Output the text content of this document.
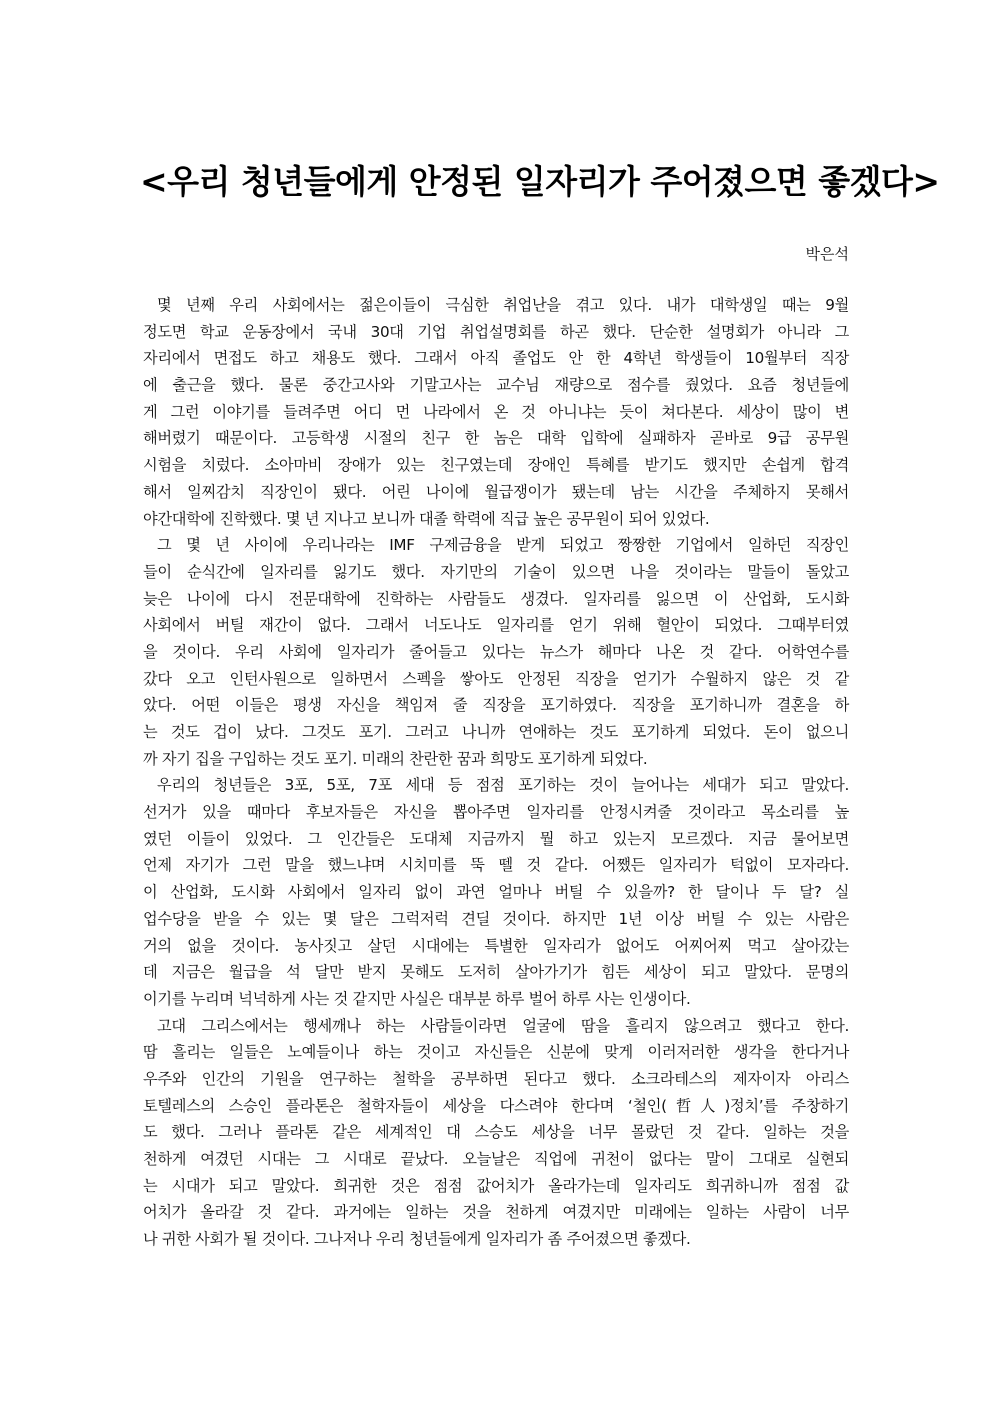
<우리 청년들에게 안정된 일자리가 주어졌으면 좋겠다>
박은석
몇 년째 우리 사회에서는 젊은이들이 극심한 취업난을 겪고 있다. 내가 대학생일 때는 9월
정도면 학교 운동장에서 국내 30대 기업 취업설명회를 하곤 했다. 단순한 설명회가 아니라 그
자리에서 면접도 하고 채용도 했다. 그래서 아직 졸업도 안 한 4학년 학생들이 10월부터 직장
에 출근을 했다. 물론 중간고사와 기말고사는 교수님 재량으로 점수를 줬었다. 요즘 청년들에
게 그런 이야기를 들려주면 어디 먼 나라에서 온 것 아니냐는 듯이 쳐다본다. 세상이 많이 변
해버렸기 때문이다. 고등학생 시절의 친구 한 놈은 대학 입학에 실패하자 곧바로 9급 공무원
시험을 치렀다. 소아마비 장애가 있는 친구였는데 장애인 특혜를 받기도 했지만 손쉽게 합격
해서 일찌감치 직장인이 됐다. 어린 나이에 월급쟁이가 됐는데 남는 시간을 주체하지 못해서
야간대학에 진학했다. 몇 년 지나고 보니까 대졸 학력에 직급 높은 공무원이 되어 있었다.
그 몇 년 사이에 우리나라는 IMF 구제금융을 받게 되었고 짱짱한 기업에서 일하던 직장인
들이 순식간에 일자리를 잃기도 했다. 자기만의 기술이 있으면 나을 것이라는 말들이 돌았고
늦은 나이에 다시 전문대학에 진학하는 사람들도 생겼다. 일자리를 잃으면 이 산업화, 도시화
사회에서 버틸 재간이 없다. 그래서 너도나도 일자리를 얻기 위해 혈안이 되었다. 그때부터였
을 것이다. 우리 사회에 일자리가 줄어들고 있다는 뉴스가 해마다 나온 것 같다. 어학연수를
갔다 오고 인턴사원으로 일하면서 스펙을 쌓아도 안정된 직장을 얻기가 수월하지 않은 것 같
았다. 어떤 이들은 평생 자신을 책임져 줄 직장을 포기하였다. 직장을 포기하니까 결혼을 하
는 것도 겁이 났다. 그것도 포기. 그러고 나니까 연애하는 것도 포기하게 되었다. 돈이 없으니
까 자기 집을 구입하는 것도 포기. 미래의 찬란한 꿈과 희망도 포기하게 되었다.
우리의 청년들은 3포, 5포, 7포 세대 등 점점 포기하는 것이 늘어나는 세대가 되고 말았다.
선거가 있을 때마다 후보자들은 자신을 뽑아주면 일자리를 안정시켜줄 것이라고 목소리를 높
였던 이들이 있었다. 그 인간들은 도대체 지금까지 뭘 하고 있는지 모르겠다. 지금 물어보면
언제 자기가 그런 말을 했느냐며 시치미를 뚝 뗄 것 같다. 어쨌든 일자리가 턱없이 모자라다.
이 산업화, 도시화 사회에서 일자리 없이 과연 얼마나 버틸 수 있을까? 한 달이나 두 달? 실
업수당을 받을 수 있는 몇 달은 그럭저럭 견딜 것이다. 하지만 1년 이상 버틸 수 있는 사람은
거의 없을 것이다. 농사짓고 살던 시대에는 특별한 일자리가 없어도 어찌어찌 먹고 살아갔는
데 지금은 월급을 석 달만 받지 못해도 도저히 살아가기가 힘든 세상이 되고 말았다. 문명의
이기를 누리며 넉넉하게 사는 것 같지만 사실은 대부분 하루 벌어 하루 사는 인생이다.
고대 그리스에서는 행세깨나 하는 사람들이라면 얼굴에 땀을 흘리지 않으려고 했다고 한다.
땀 흘리는 일들은 노예들이나 하는 것이고 자신들은 신분에 맞게 이러저러한 생각을 한다거나
우주와 인간의 기원을 연구하는 철학을 공부하면 된다고 했다. 소크라테스의 제자이자 아리스
토텔레스의 스승인 플라톤은 철학자들이 세상을 다스려야 한다며 ‘철인(哲人)정치’를 주창하기
도 했다. 그러나 플라톤 같은 세계적인 대 스승도 세상을 너무 몰랐던 것 같다. 일하는 것을
천하게 여겼던 시대는 그 시대로 끝났다. 오늘날은 직업에 귀천이 없다는 말이 그대로 실현되
는 시대가 되고 말았다. 희귀한 것은 점점 값어치가 올라가는데 일자리도 희귀하니까 점점 값
어치가 올라갈 것 같다. 과거에는 일하는 것을 천하게 여겼지만 미래에는 일하는 사람이 너무
나 귀한 사회가 될 것이다. 그나저나 우리 청년들에게 일자리가 좀 주어졌으면 좋겠다.
